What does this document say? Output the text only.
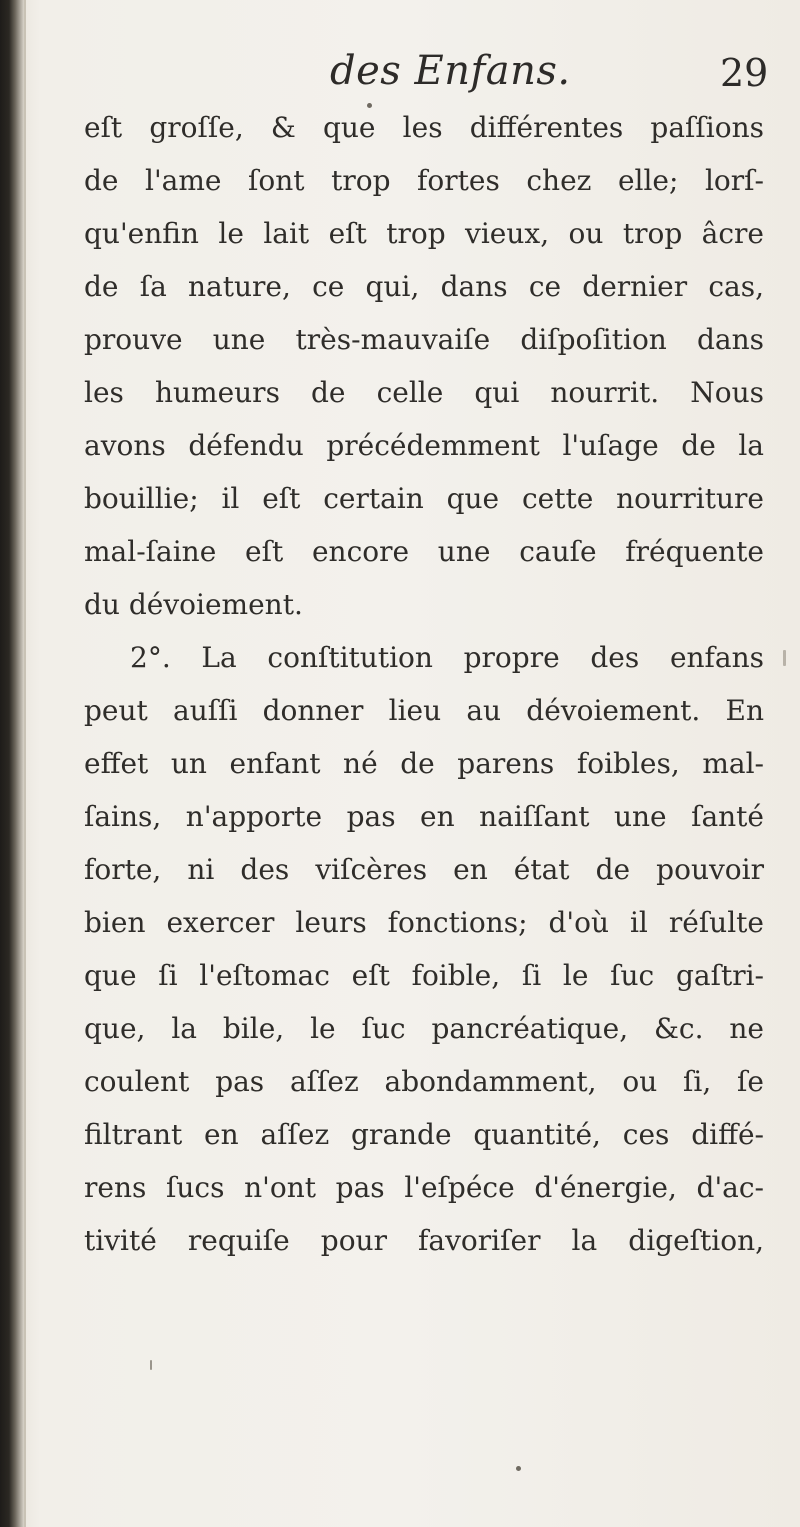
des Enfans.	29
eſt groſſe, & que les différentes paſſions
de l'ame ſont trop fortes chez elle; lorſ-
qu'enfin le lait eſt trop vieux, ou trop âcre
de ſa nature, ce qui, dans ce dernier cas,
prouve une très-mauvaiſe diſpoſition dans
les humeurs de celle qui nourrit. Nous
avons défendu précédemment l'uſage de la
bouillie; il eſt certain que cette nourriture
mal-ſaine eſt encore une cauſe fréquente
du dévoiement.
2°. La conſtitution propre des enfans
peut auſſi donner lieu au dévoiement. En
effet un enfant né de parens foibles, mal-
ſains, n'apporte pas en naiſſant une ſanté
forte, ni des viſcères en état de pouvoir
bien exercer leurs fonctions; d'où il réſulte
que ſi l'eſtomac eſt foible, ſi le ſuc gaſtri-
que, la bile, le ſuc pancréatique, &c. ne
coulent pas aſſez abondamment, ou ſi, ſe
filtrant en aſſez grande quantité, ces diffé-
rens ſucs n'ont pas l'eſpéce d'énergie, d'ac-
tivité requiſe pour favoriſer la digeſtion,
